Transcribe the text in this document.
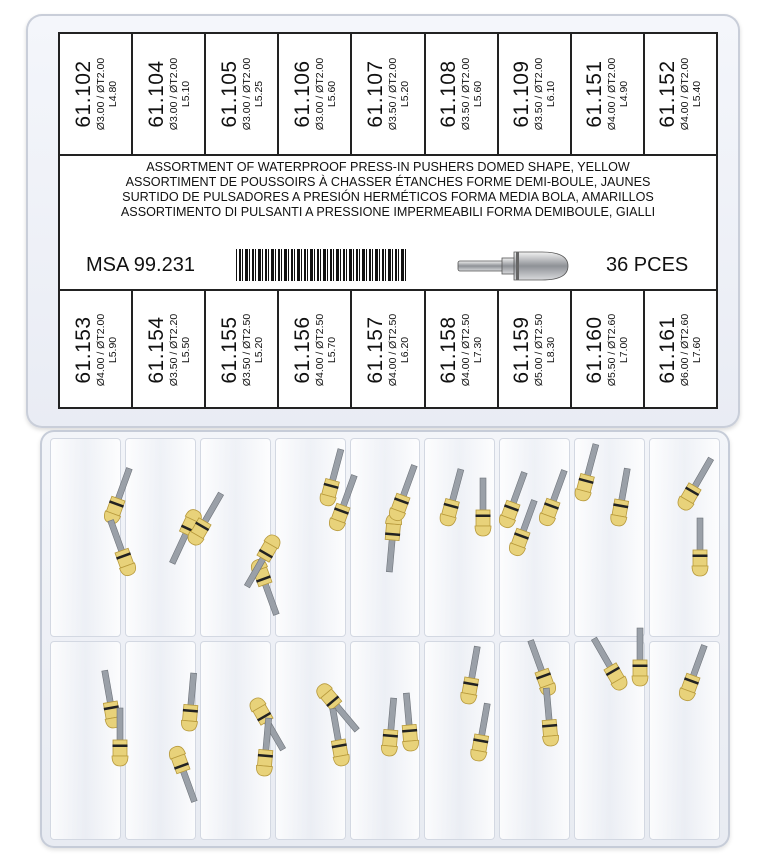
61.102 Ø3.00 / ØT2.00 L4.80 61.104 Ø3.00 / ØT2.00 L5.10 61.105 Ø3.00 / ØT2.00 L5.25 61.106 Ø3.00 / ØT2.00 L5.60 61.107 Ø3.50 / ØT2.00 L5.20 61.108 Ø3.50 / ØT2.00 L5.60 61.109 Ø3.50 / ØT2.00 L6.10 61.151 Ø4.00 / ØT2.00 L4.90 61.152 Ø4.00 / ØT2.00 L5.40
ASSORTMENT OF WATERPROOF PRESS-IN PUSHERS DOMED SHAPE, YELLOW
ASSORTIMENT DE POUSSOIRS À CHASSER ÉTANCHES FORME DEMI-BOULE, JAUNES
SURTIDO DE PULSADORES A PRESIÓN HERMÉTICOS FORMA MEDIA BOLA, AMARILLOS
ASSORTIMENTO DI PULSANTI A PRESSIONE IMPERMEABILI FORMA DEMIBOULE, GIALLI
MSA 99.231	36 PCES
61.153 Ø4.00 / ØT2.00 L5.90 61.154 Ø3.50 / ØT2.20 L5.50 61.155 Ø3.50 / ØT2.50 L5.20 61.156 Ø4.00 / ØT2.50 L5.70 61.157 Ø4.00 / ØT2.50 L6.20 61.158 Ø4.00 / ØT2.50 L7.30 61.159 Ø5.00 / ØT2.50 L8.30 61.160 Ø5.50 / ØT2.60 L7.00 61.161 Ø6.00 / ØT2.60 L7.60
